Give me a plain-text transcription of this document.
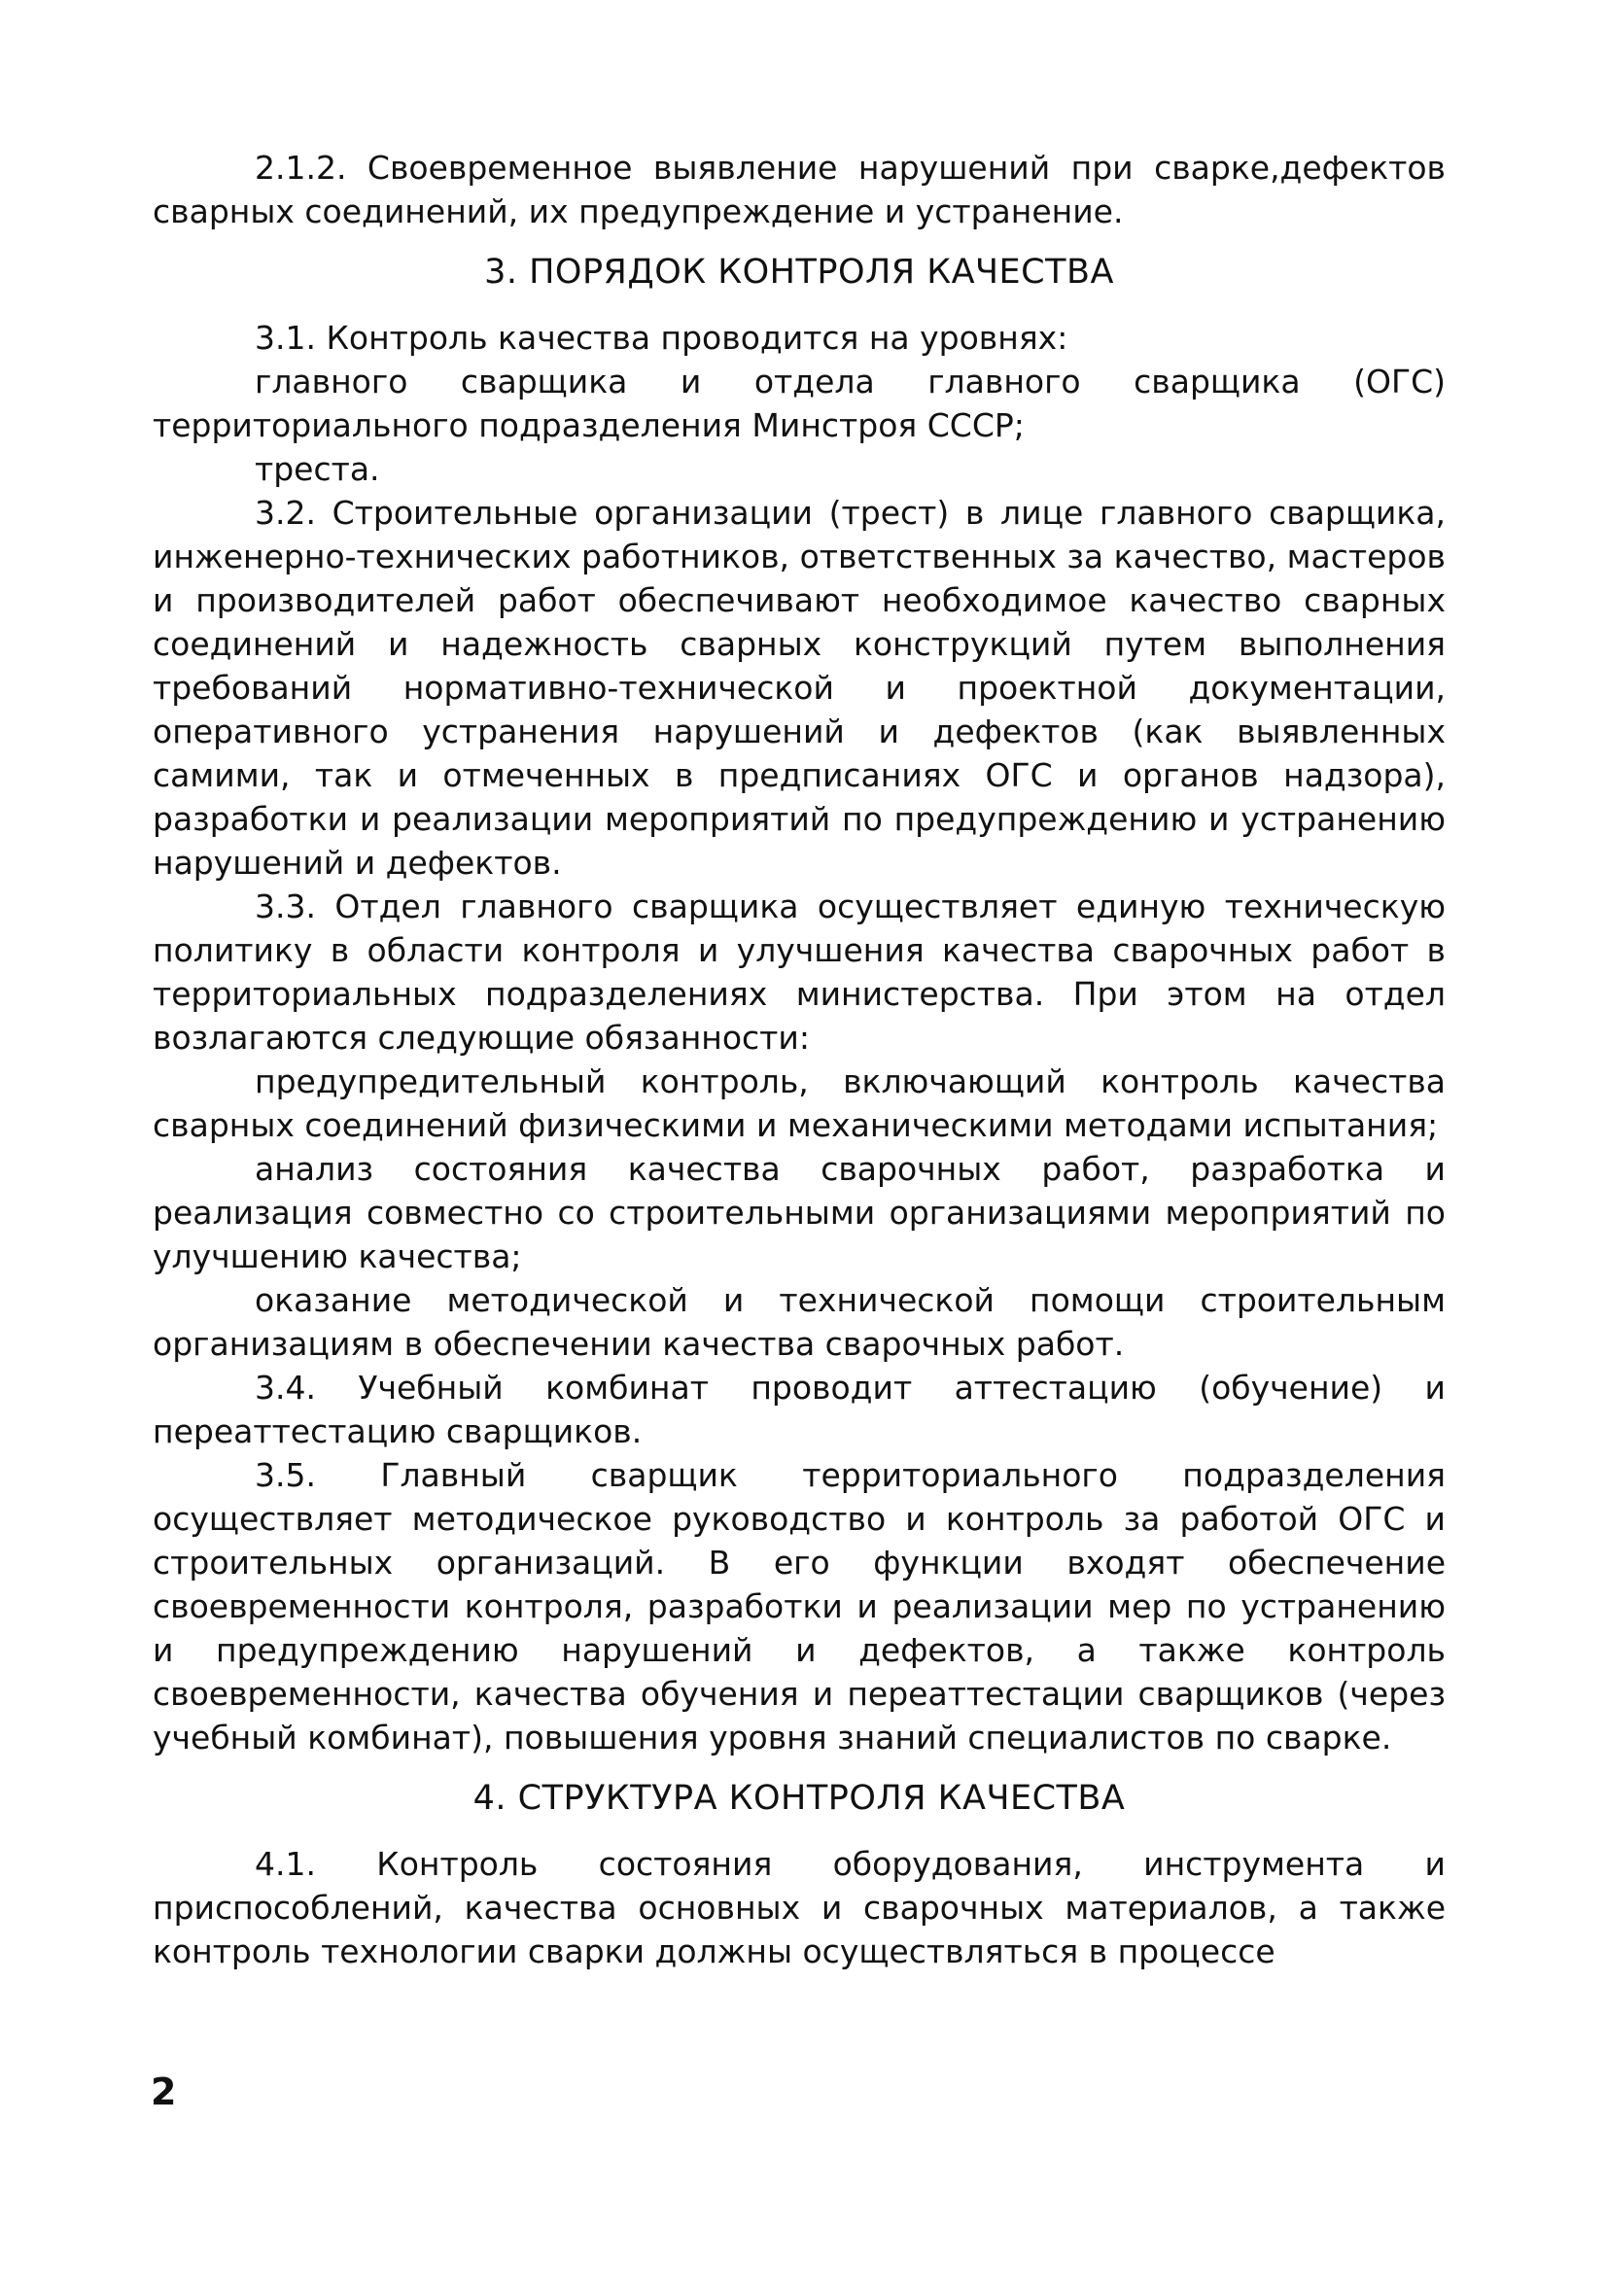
2.1.2. Своевременное выявление нарушений при сварке,дефектов сварных соединений, их предупреждение и устранение.

3. ПОРЯДОК КОНТРОЛЯ КАЧЕСТВА

3.1. Контроль качества проводится на уровнях:

главного сварщика и отдела главного сварщика (ОГС) территориального подразделения Минстроя СССР;

треста.

3.2. Строительные организации (трест) в лице главного сварщика, инженерно-технических работников, ответственных за качество, мастеров и производителей работ обеспечивают необходимое качество сварных соединений и надежность сварных конструкций путем выполнения требований нормативно-технической и проектной документации, оперативного устранения нарушений и дефектов (как выявленных самими, так и отмеченных в предписаниях ОГС и органов надзора), разработки и реализации мероприятий по предупреждению и устранению нарушений и дефектов.

3.3. Отдел главного сварщика осуществляет единую техническую политику в области контроля и улучшения качества сварочных работ в территориальных подразделениях министерства. При этом на отдел возлагаются следующие обязанности:

предупредительный контроль, включающий контроль качества сварных соединений физическими и механическими методами испытания;

анализ состояния качества сварочных работ, разработка и реализация совместно со строительными организациями мероприятий по улучшению качества;

оказание методической и технической помощи строительным организациям в обеспечении качества сварочных работ.

3.4. Учебный комбинат проводит аттестацию (обучение) и переаттестацию сварщиков.

3.5. Главный сварщик территориального подразделения осуществляет методическое руководство и контроль за работой ОГС и строительных организаций. В его функции входят обеспечение своевременности контроля, разработки и реализации мер по устранению и предупреждению нарушений и дефектов, а также контроль своевременности, качества обучения и переаттестации сварщиков (через учебный комбинат), повышения уровня знаний специалистов по сварке.

4. СТРУКТУРА КОНТРОЛЯ КАЧЕСТВА

4.1. Контроль состояния оборудования, инструмента и приспособлений, качества основных и сварочных материалов, а также контроль технологии сварки должны осуществляться в процессе

2
